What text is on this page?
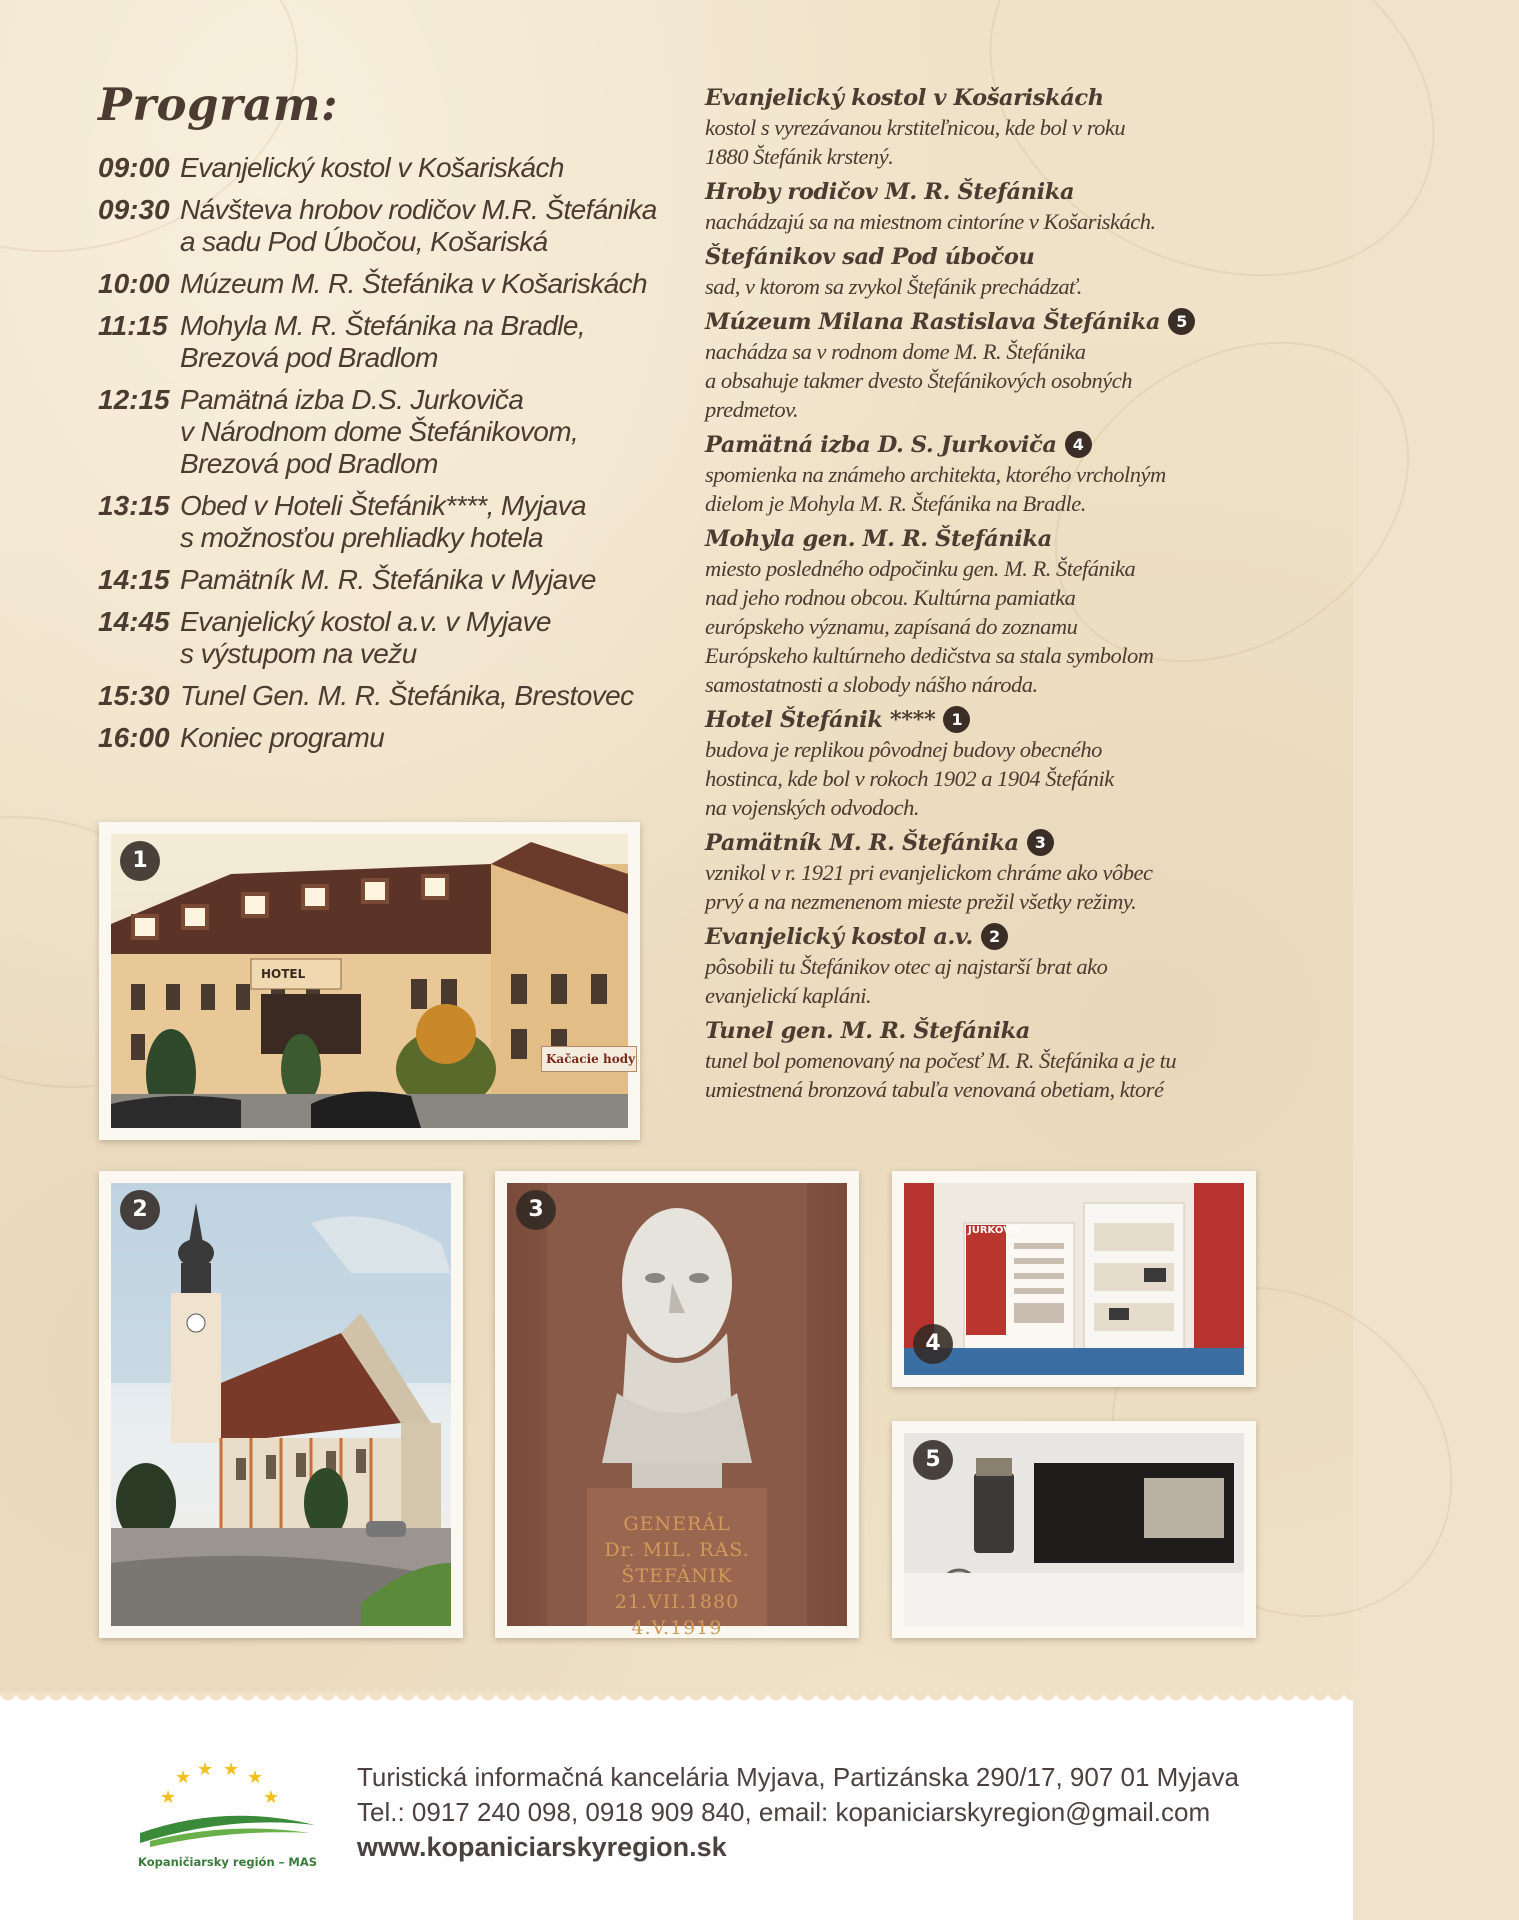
Program:
09:00 Evanjelický kostol v Košariskách
09:30 Návšteva hrobov rodičov M.R. Štefánika
a sadu Pod Úbočou, Košariská
10:00 Múzeum M. R. Štefánika v Košariskách
11:15 Mohyla M. R. Štefánika na Bradle,
Brezová pod Bradlom
12:15 Pamätná izba D.S. Jurkoviča
v Národnom dome Štefánikovom,
Brezová pod Bradlom
13:15 Obed v Hoteli Štefánik****, Myjava
s možnosťou prehliadky hotela
14:15 Pamätník M. R. Štefánika v Myjave
14:45 Evanjelický kostol a.v. v Myjave
s výstupom na vežu
15:30 Tunel Gen. M. R. Štefánika, Brestovec
16:00 Koniec programu
Evanjelický kostol v Košariskách
kostol s vyrezávanou krstiteľnicou, kde bol v roku
1880 Štefánik krstený.
Hroby rodičov M. R. Štefánika
nachádzajú sa na miestnom cintoríne v Košariskách.
Štefánikov sad Pod úbočou
sad, v ktorom sa zvykol Štefánik prechádzať.
Múzeum Milana Rastislava Štefánika 5
nachádza sa v rodnom dome M. R. Štefánika
a obsahuje takmer dvesto Štefánikových osobných
predmetov.
Pamätná izba D. S. Jurkoviča 4
spomienka na známeho architekta, ktorého vrcholným
dielom je Mohyla M. R. Štefánika na Bradle.
Mohyla gen. M. R. Štefánika
miesto posledného odpočinku gen. M. R. Štefánika
nad jeho rodnou obcou. Kultúrna pamiatka
európskeho významu, zapísaná do zoznamu
Európskeho kultúrneho dedičstva sa stala symbolom
samostatnosti a slobody nášho národa.
Hotel Štefánik **** 1
budova je replikou pôvodnej budovy obecného
hostinca, kde bol v rokoch 1902 a 1904 Štefánik
na vojenských odvodoch.
Pamätník M. R. Štefánika 3
vznikol v r. 1921 pri evanjelickom chráme ako vôbec
prvý a na nezmenenom mieste prežil všetky režimy.
Evanjelický kostol a.v. 2
pôsobili tu Štefánikov otec aj najstarší brat ako
evanjelickí kapláni.
Tunel gen. M. R. Štefánika
tunel bol pomenovaný na počesť M. R. Štefánika a je tu
umiestnená bronzová tabuľa venovaná obetiam, ktoré
HOTEL
Kačacie hody
1
2
GENERÁL
Dr. MIL. RAS.
ŠTEFÁNIK
21.VII.1880
4.V.1919
3
JURKOVIČ
4
5
★ ★ ★ ★
★	★
Kopaničiarsky región – MAS
Turistická informačná kancelária Myjava, Partizánska 290/17, 907 01 Myjava
Tel.: 0917 240 098, 0918 909 840, email: kopaniciarskyregion@gmail.com
www.kopaniciarskyregion.sk
